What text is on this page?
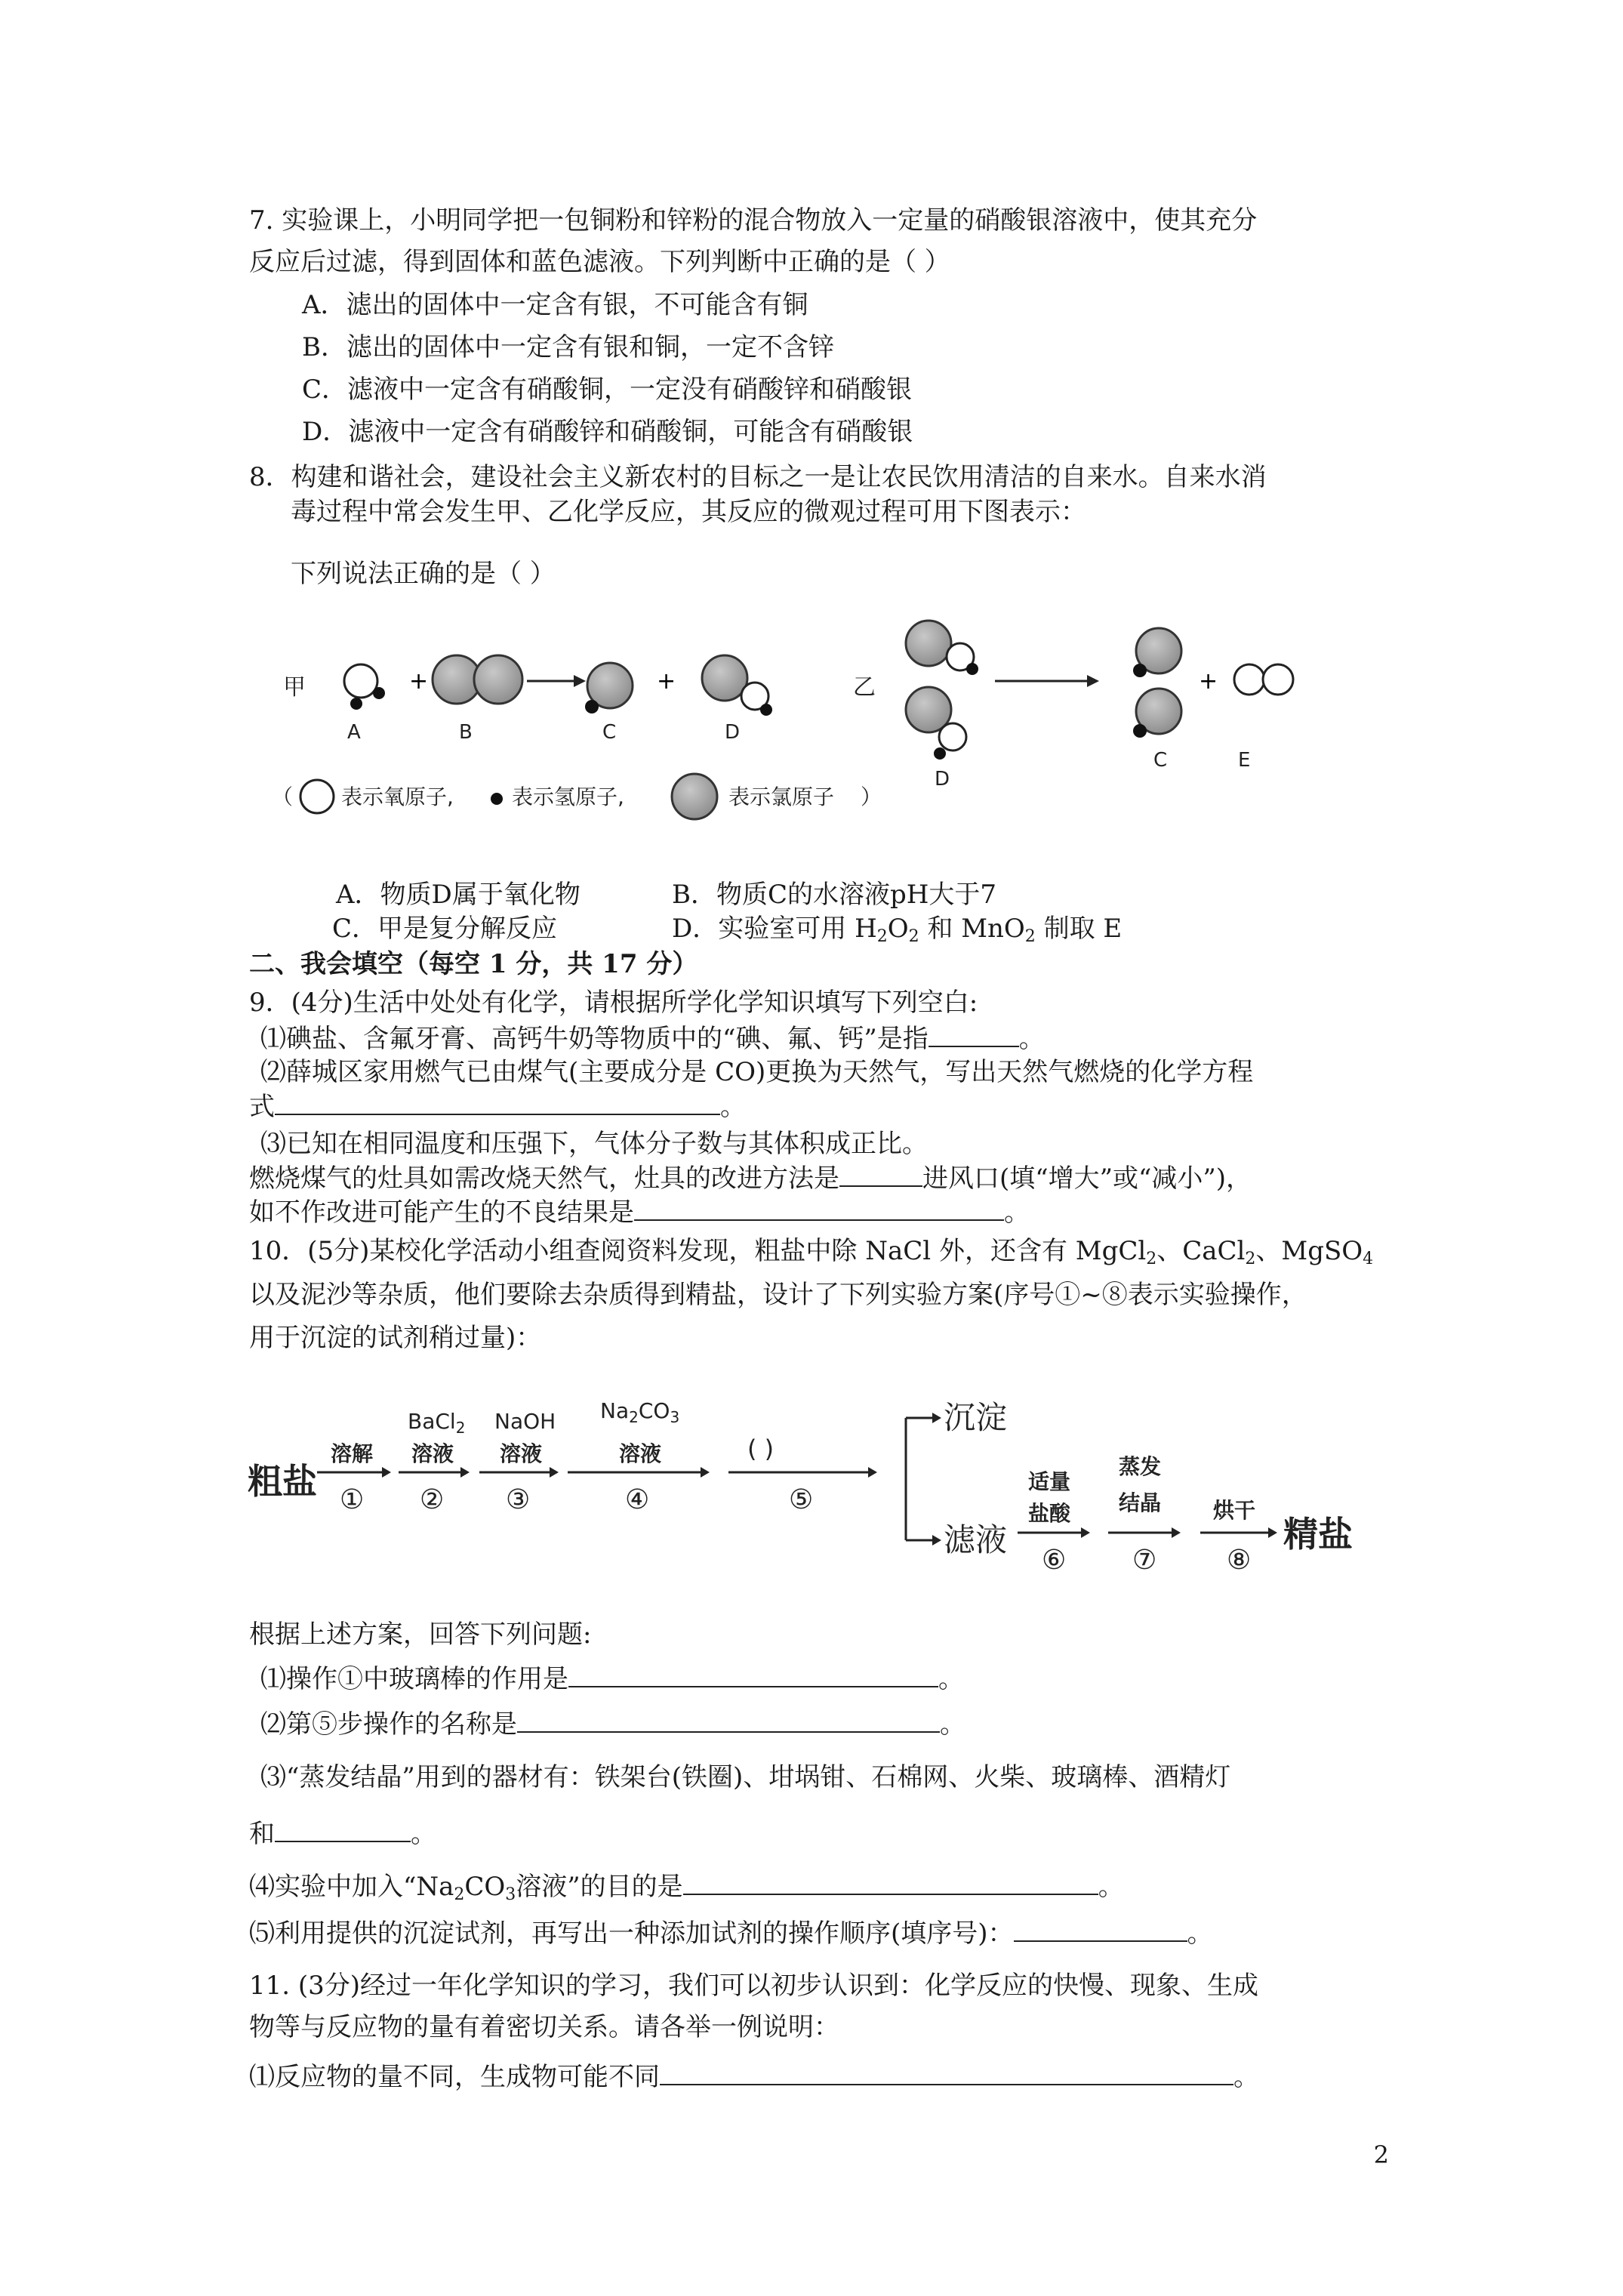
7. 实验课上，小明同学把一包铜粉和锌粉的混合物放入一定量的硝酸银溶液中，使其充分
反应后过滤，得到固体和蓝色滤液。下列判断中正确的是（ ）
A．滤出的固体中一定含有银，不可能含有铜
B．滤出的固体中一定含有银和铜，一定不含锌
C．滤液中一定含有硝酸铜，一定没有硝酸锌和硝酸银
D．滤液中一定含有硝酸锌和硝酸铜，可能含有硝酸银
8．构建和谐社会，建设社会主义新农村的目标之一是让农民饮用清洁的自来水。自来水消
毒过程中常会发生甲、乙化学反应，其反应的微观过程可用下图表示：
下列说法正确的是（ ）
甲	乙
+	+	+
A	B	C	D
D
C	E
（ 表示氧原子,	表示氢原子,	表示氯原子 ）
A．物质D属于氧化物	B．物质C的水溶液pH大于7
C．甲是复分解反应	D．实验室可用 $H_2O_2$ 和 MnO$_2$ 制取 E
二、我会填空（每空 1 分，共 17 分）
9．(4分)生活中处处有化学，请根据所学化学知识填写下列空白:
⑴碘盐、含氟牙膏、高钙牛奶等物质中的“碘、氟、钙”是指	。
⑵薛城区家用燃气已由煤气(主要成分是 CO)更换为天然气，写出天然气燃烧的化学方程
式	。
⑶已知在相同温度和压强下，气体分子数与其体积成正比。
燃烧煤气的灶具如需改烧天然气，灶具的改进方法是	进风口(填“增大”或“减小”)，
如不作改进可能产生的不良结果是	。
10．(5分)某校化学活动小组查阅资料发现，粗盐中除 NaCl 外，还含有 MgCl$_2$、CaCl$_2$、MgSO$_4$
以及泥沙等杂质，他们要除去杂质得到精盐，设计了下列实验方案(序号①~⑧表示实验操作，
用于沉淀的试剂稍过量)：
粗盐
溶解
①
BaCl$_2$
溶液
②
NaOH
溶液
③
$Na_2CO_3$
溶液
④
( )
⑤
沉淀
滤液
适量
盐酸
⑥
蒸发
结晶
⑦
烘干
⑧
精盐
根据上述方案，回答下列问题:
⑴操作①中玻璃棒的作用是	。
⑵第⑤步操作的名称是	。
⑶“蒸发结晶”用到的器材有：铁架台(铁圈)、坩埚钳、石棉网、火柴、玻璃棒、酒精灯
和	。
⑷实验中加入“$Na_2CO_3$溶液”的目的是	。
⑸利用提供的沉淀试剂，再写出一种添加试剂的操作顺序(填序号)：	。
11. (3分)经过一年化学知识的学习，我们可以初步认识到：化学反应的快慢、现象、生成
物等与反应物的量有着密切关系。请各举一例说明：
⑴反应物的量不同，生成物可能不同	。
2
